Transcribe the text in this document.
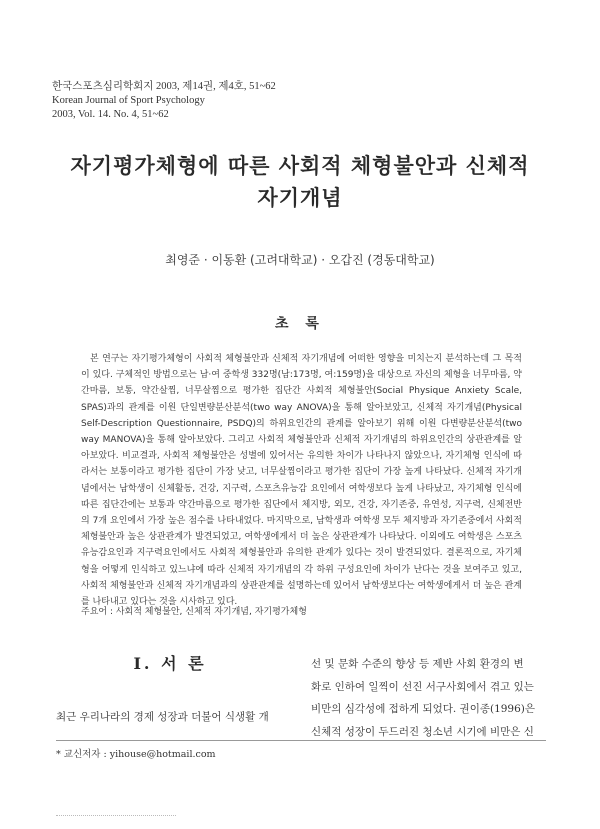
한국스포츠심리학회지 2003, 제14권, 제4호, 51~62
Korean Journal of Sport Psychology
2003, Vol. 14. No. 4, 51~62
자기평가체형에 따른 사회적 체형불안과 신체적
자기개념
최영준 · 이동환 (고려대학교) · 오갑진 (경동대학교)
초 록
본 연구는 자기평가체형이 사회적 체형불안과 신체적 자기개념에 어떠한 영향을 미치는지 분석하는데 그 목적이 있다. 구체적인 방법으로는 남·여 중학생 332명(남:173명, 여:159명)을 대상으로 자신의 체형을 너무마름, 약간마름, 보통, 약간살찜, 너무살찜으로 평가한 집단간 사회적 체형불안(Social Physique Anxiety Scale, SPAS)과의 관계를 이원 단일변량분산분석(two way ANOVA)을 통해 알아보았고, 신체적 자기개념(Physical Self-Description Questionnaire, PSDQ)의 하위요인간의 관계를 알아보기 위해 이원 다변량분산분석(two way MANOVA)을 통해 알아보았다. 그리고 사회적 체형불안과 신체적 자기개념의 하위요인간의 상관관계를 알아보았다. 비교결과, 사회적 체형불안은 성별에 있어서는 유의한 차이가 나타나지 않았으나, 자기체형 인식에 따라서는 보통이라고 평가한 집단이 가장 낮고, 너무살찜이라고 평가한 집단이 가장 높게 나타났다. 신체적 자기개념에서는 남학생이 신체활동, 건강, 지구력, 스포츠유능감 요인에서 여학생보다 높게 나타났고, 자기체형 인식에 따른 집단간에는 보통과 약간마름으로 평가한 집단에서 체지방, 외모, 건강, 자기존중, 유연성, 지구력, 신체전반의 7개 요인에서 가장 높은 점수를 나타내었다. 마지막으로, 남학생과 여학생 모두 체지방과 자기존중에서 사회적 체형불안과 높은 상관관계가 발견되었고, 여학생에게서 더 높은 상관관계가 나타났다. 이외에도 여학생은 스포츠유능감요인과 지구력요인에서도 사회적 체형불안과 유의한 관계가 있다는 것이 발견되었다. 결론적으로, 자기체형을 어떻게 인식하고 있느냐에 따라 신체적 자기개념의 각 하위 구성요인에 차이가 난다는 것을 보여주고 있고, 사회적 체형불안과 신체적 자기개념과의 상관관계를 설명하는데 있어서 남학생보다는 여학생에게서 더 높은 관계를 나타내고 있다는 것을 시사하고 있다.
주요어 : 사회적 체형불안, 신체적 자기개념, 자기평가체형
Ⅰ. 서 론
최근 우리나라의 경제 성장과 더불어 식생활 개
선 및 문화 수준의 향상 등 제반 사회 환경의 변
화로 인하여 일찍이 선진 서구사회에서 겪고 있는
비만의 심각성에 접하게 되었다. 권이종(1996)은
신체적 성장이 두드러진 청소년 시기에 비만은 신
* 교신저자 : yihouse@hotmail.com
